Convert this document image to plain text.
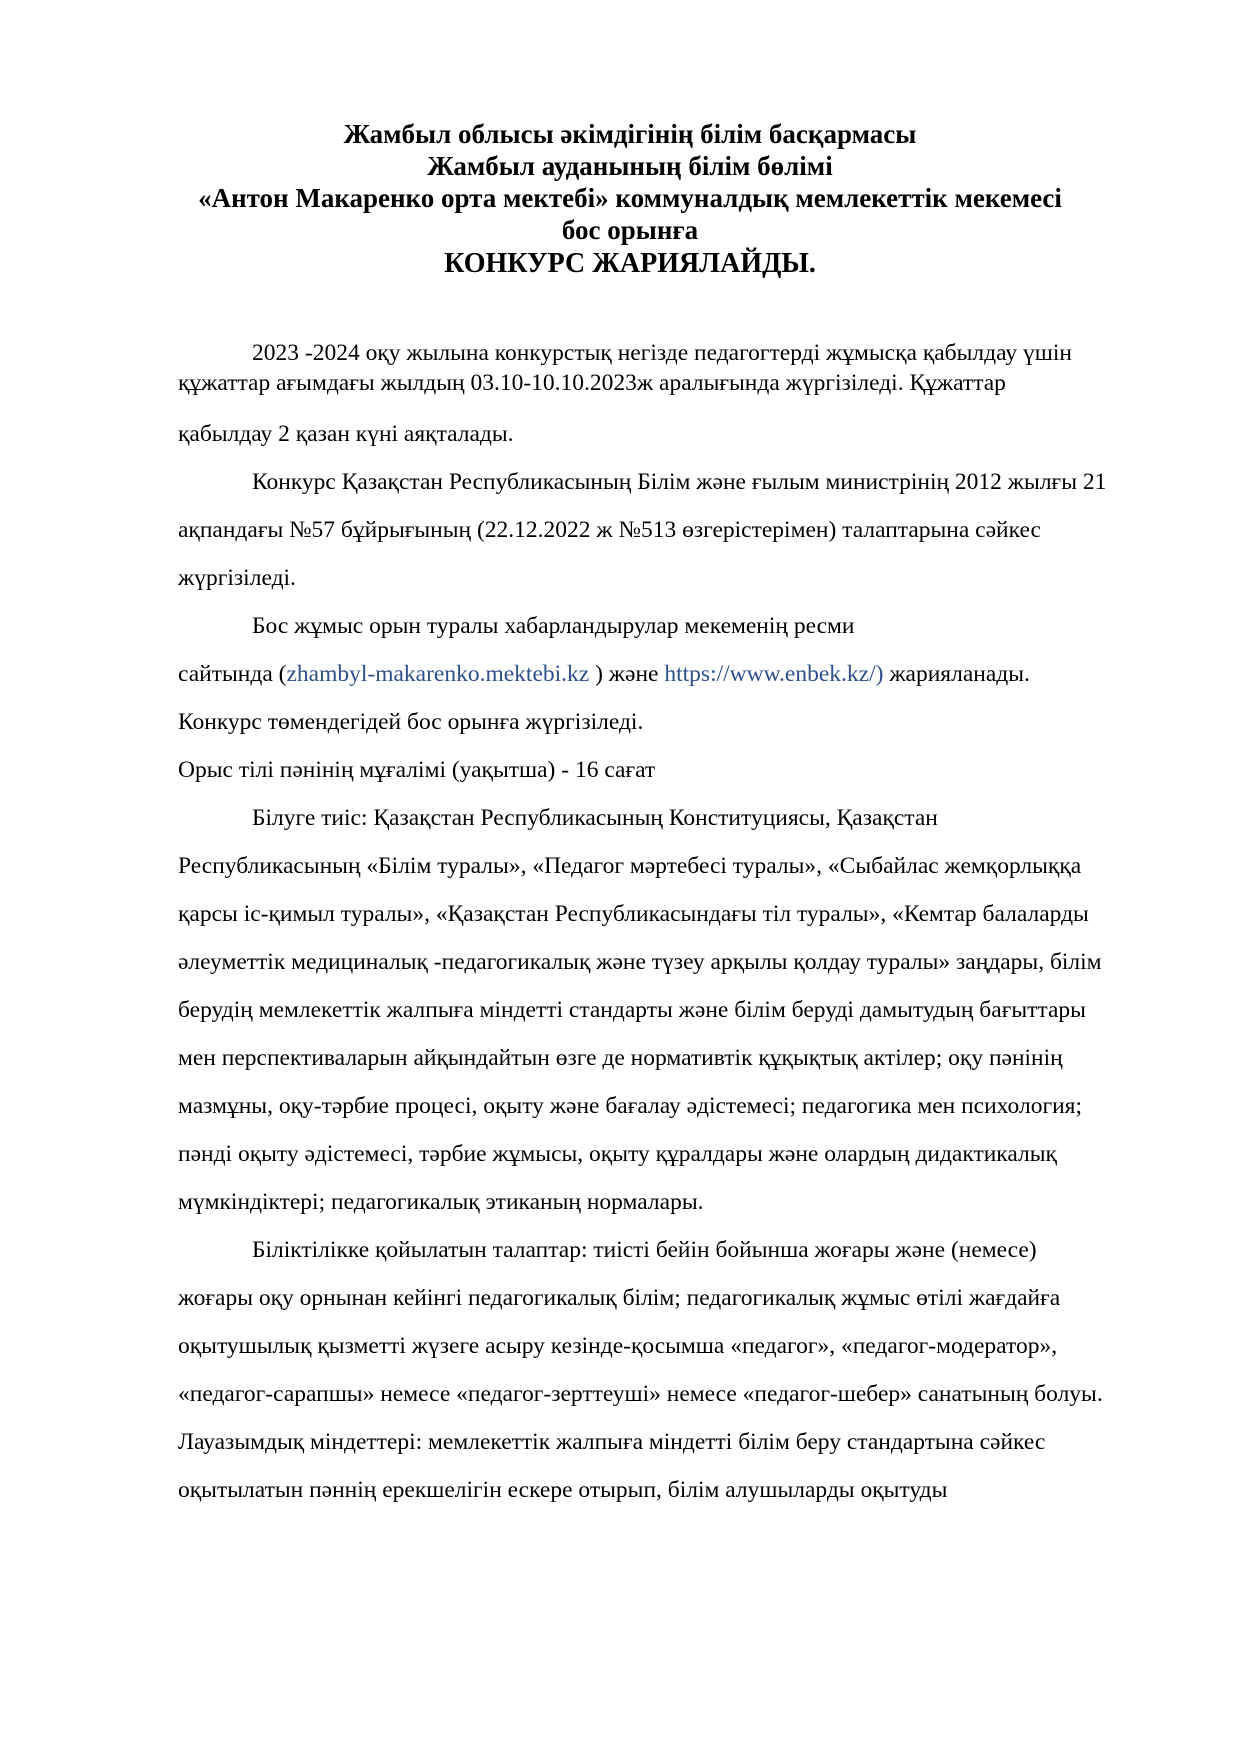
Жамбыл облысы әкімдігінің білім басқармасы
Жамбыл ауданының білім бөлімі
«Антон Макаренко орта мектебі» коммуналдық мемлекеттік мекемесі
бос орынға
КОНКУРС ЖАРИЯЛАЙДЫ.

2023 -2024 оқу жылына конкурстық негізде педагогтерді жұмысқа қабылдау үшін құжаттар ағымдағы жылдың 03.10-10.10.2023ж аралығында жүргізіледі. Құжаттар

қабылдау 2 қазан күні аяқталады.

Конкурс Қазақстан Республикасының Білім және ғылым министрінің 2012 жылғы 21 ақпандағы №57 бұйрығының (22.12.2022 ж №513 өзгерістерімен) талаптарына сәйкес жүргізіледі.

Бос жұмыс орын туралы хабарландырулар мекеменің ресми

сайтында (zhambyl-makarenko.mektebi.kz ) және https://www.enbek.kz/) жарияланады.

Конкурс төмендегідей бос орынға жүргізіледі.

Орыс тілі пәнінің мұғалімі (уақытша) - 16 сағат

Білуге тиіс: Қазақстан Республикасының Конституциясы, Қазақстан Республикасының «Білім туралы», «Педагог мәртебесі туралы», «Сыбайлас жемқорлыққа қарсы іс-қимыл туралы», «Қазақстан Республикасындағы тіл туралы», «Кемтар балаларды әлеуметтік медициналық -педагогикалық және түзеу арқылы қолдау туралы» заңдары, білім берудің мемлекеттік жалпыға міндетті стандарты және білім беруді дамытудың бағыттары мен перспективаларын айқындайтын өзге де нормативтік құқықтық актілер; оқу пәнінің мазмұны, оқу-тәрбие процесі, оқыту және бағалау әдістемесі; педагогика мен психология; пәнді оқыту әдістемесі, тәрбие жұмысы, оқыту құралдары және олардың дидактикалық мүмкіндіктері; педагогикалық этиканың нормалары.

Біліктілікке қойылатын талаптар: тиісті бейін бойынша жоғары және (немесе) жоғары оқу орнынан кейінгі педагогикалық білім; педагогикалық жұмыс өтілі жағдайға оқытушылық қызметті жүзеге асыру кезінде-қосымша «педагог», «педагог-модератор», «педагог-сарапшы» немесе «педагог-зерттеуші» немесе «педагог-шебер» санатының болуы.

Лауазымдық міндеттері: мемлекеттік жалпыға міндетті білім беру стандартына сәйкес оқытылатын пәннің ерекшелігін ескере отырып, білім алушыларды оқытуды
